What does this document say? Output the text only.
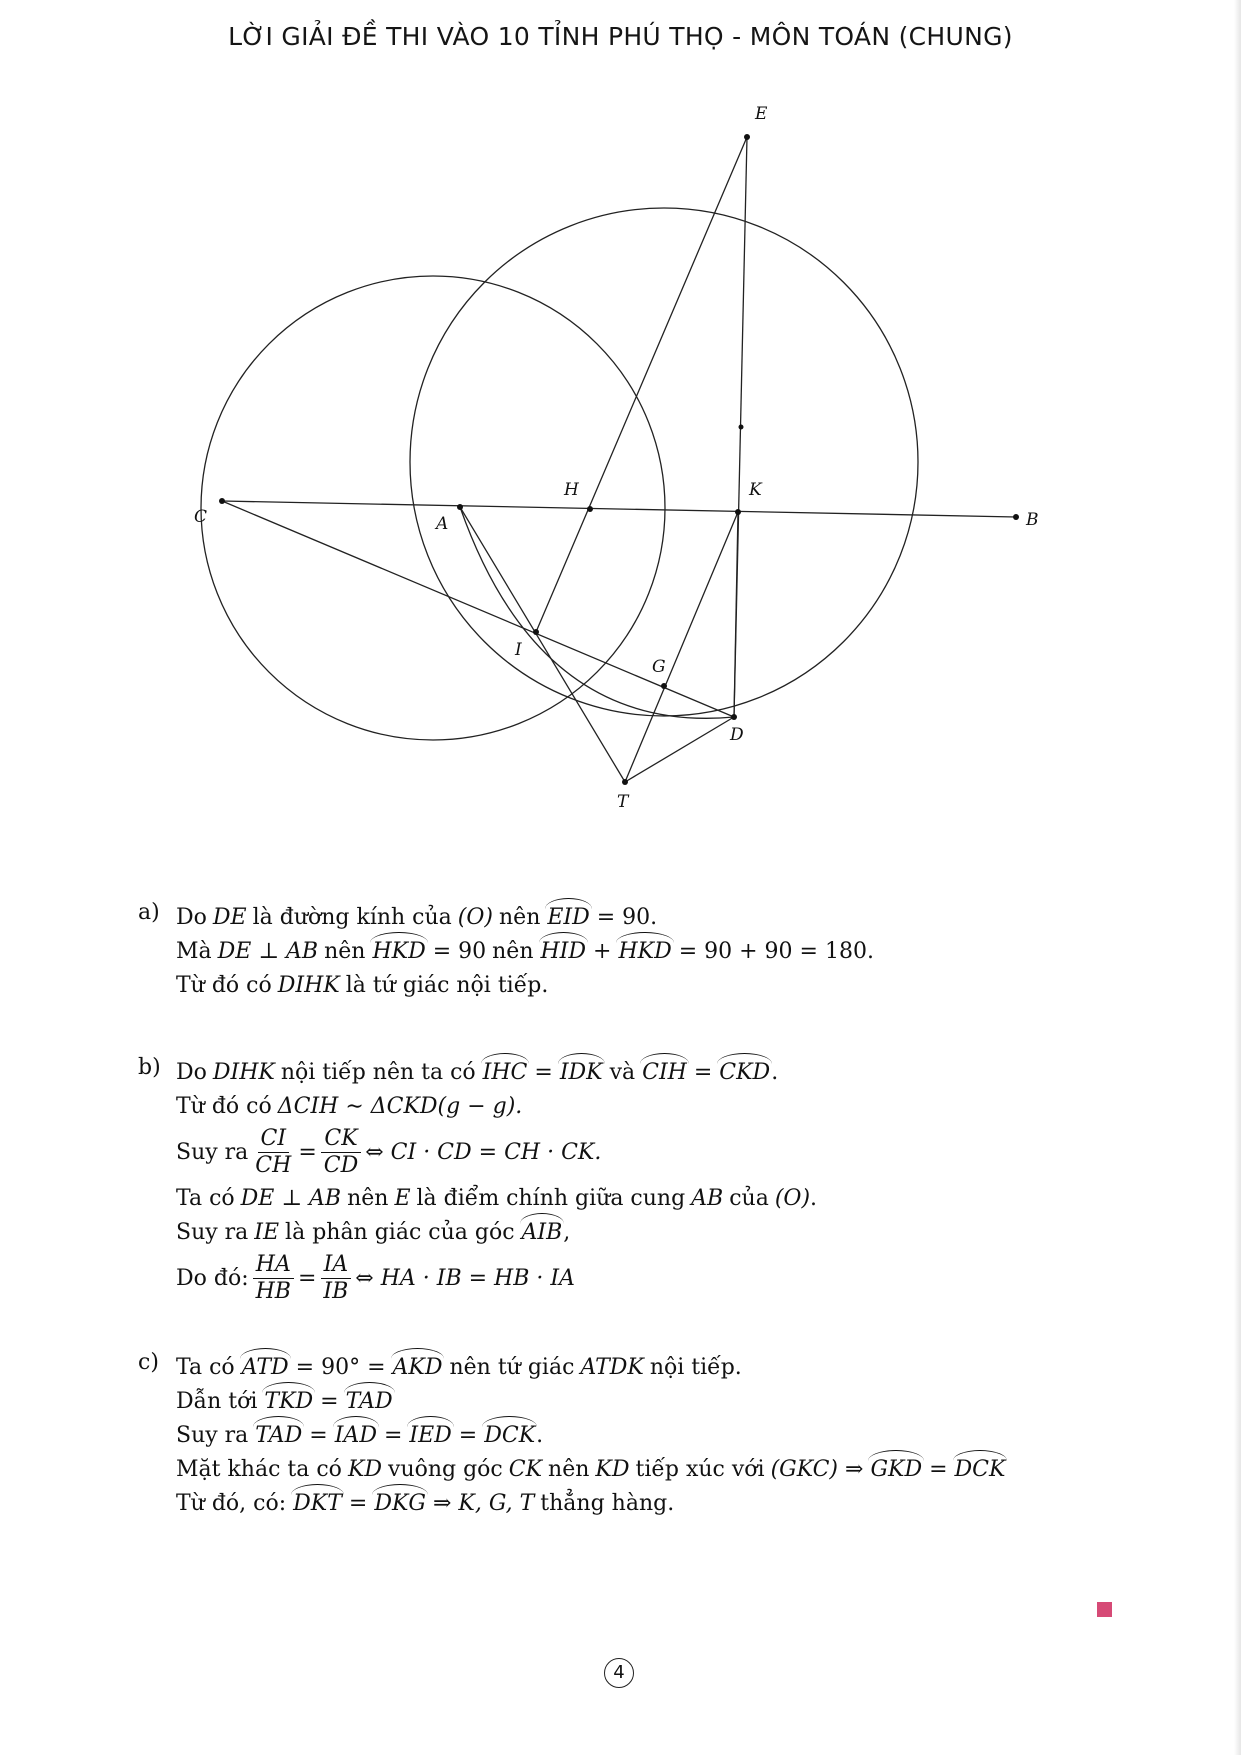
LỜI GIẢI ĐỀ THI VÀO 10 TỈNH PHÚ THỌ - MÔN TOÁN (CHUNG)
E
H	K
C	A	B
I
G
D
T
a) Do DE là đường kính của (O) nên EID = 90.
Mà DE ⊥ AB nên HKD = 90 nên HID + HKD = 90 + 90 = 180.
Từ đó có DIHK là tứ giác nội tiếp.
b) Do DIHK nội tiếp nên ta có IHC = IDK và CIH = CKD .
Từ đó có ΔCIH ∼ ΔCKD(g − g).
Suy ra $\frac{CI}{CH} = \frac{CK}{CD}$ ⇔ CI · CD = CH · CK.
Ta có DE ⊥ AB nên E là điểm chính giữa cung AB của (O) .
Suy ra IE là phân giác của góc AIB ,
Do đó: $\frac{HA}{HB} = \frac{IA}{IB}$ ⇔ HA · IB = HB · IA
c) Ta có ATD = 90° = AKD nên tứ giác ATDK nội tiếp.
Dẫn tới TKD = TAD
Suy ra TAD = IAD = IED = DCK .
Mặt khác ta có KD vuông góc CK nên KD tiếp xúc với (GKC) ⇒ GKD = DCK
Từ đó, có: DKT = DKG ⇒ K, G, T thẳng hàng.
4
